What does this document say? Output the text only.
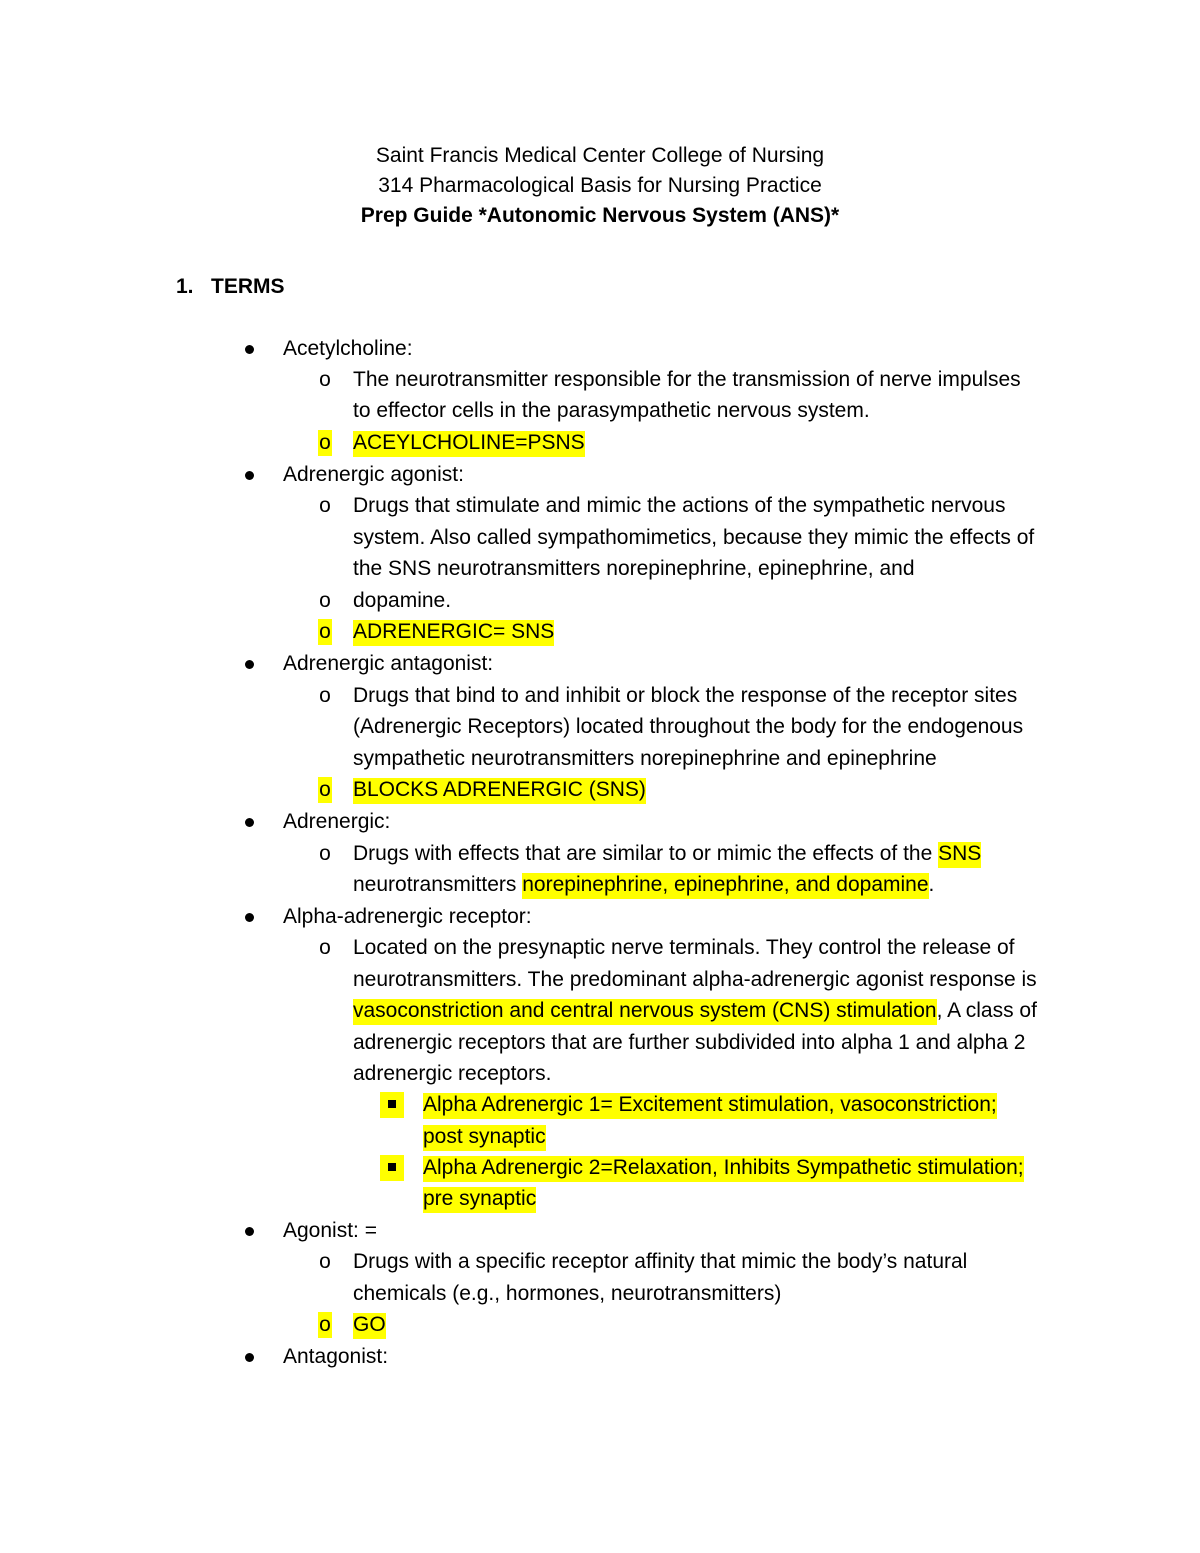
Saint Francis Medical Center College of Nursing
314 Pharmacological Basis for Nursing Practice
Prep Guide *Autonomic Nervous System (ANS)*
1. TERMS
Acetylcholine:
o The neurotransmitter responsible for the transmission of nerve impulses
to effector cells in the parasympathetic nervous system.
o ACEYLCHOLINE=PSNS
Adrenergic agonist:
o Drugs that stimulate and mimic the actions of the sympathetic nervous
system. Also called sympathomimetics, because they mimic the effects of
the SNS neurotransmitters norepinephrine, epinephrine, and
o dopamine.
o ADRENERGIC= SNS
Adrenergic antagonist:
o Drugs that bind to and inhibit or block the response of the receptor sites
(Adrenergic Receptors) located throughout the body for the endogenous
sympathetic neurotransmitters norepinephrine and epinephrine
o BLOCKS ADRENERGIC (SNS)
Adrenergic:
o Drugs with effects that are similar to or mimic the effects of the SNS
neurotransmitters norepinephrine, epinephrine, and dopamine.
Alpha-adrenergic receptor:
o Located on the presynaptic nerve terminals. They control the release of
neurotransmitters. The predominant alpha-adrenergic agonist response is
vasoconstriction and central nervous system (CNS) stimulation, A class of
adrenergic receptors that are further subdivided into alpha 1 and alpha 2
adrenergic receptors.
Alpha Adrenergic 1= Excitement stimulation, vasoconstriction;
post synaptic
Alpha Adrenergic 2=Relaxation, Inhibits Sympathetic stimulation;
pre synaptic
Agonist: =
o Drugs with a specific receptor affinity that mimic the body’s natural
chemicals (e.g., hormones, neurotransmitters)
o GO
Antagonist:
